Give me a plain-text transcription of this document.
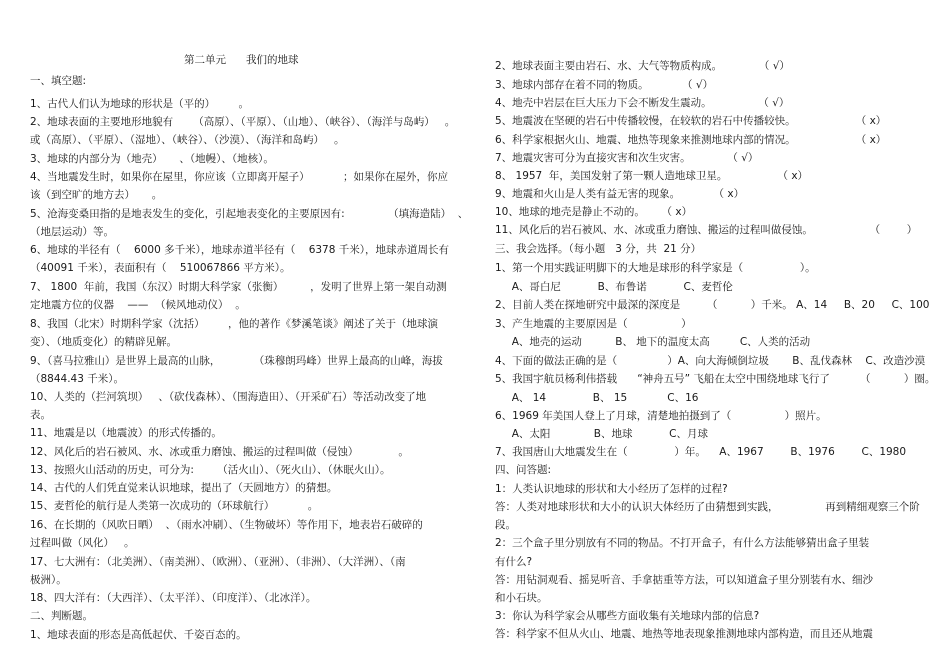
第二单元      我们的地球
一、填空题:
1、古代人们认为地球的形状是（平的）       。
2、地球表面的主要地形地貌有      （高原）、（平原）、（山地）、（峡谷）、（海洋与岛屿）   。
或（高原）、（平原）、（湿地）、（峡谷）、（沙漠）、（海洋和岛屿）   。
3、地球的内部分为（地壳）     、（地幔）、（地核）。
4、当地震发生时，如果你在屋里，你应该（立即离开屋子）          ；如果你在屋外，你应
该（到空旷的地方去）     。
5、沧海变桑田指的是地表发生的变化，引起地表变化的主要原因有:             （填海造陆）  、
（地层运动）等。
6、地球的半径有（    6000 多千米），地球赤道半径有（    6378 千米），地球赤道周长有
（40091 千米），表面积有（    510067866 平方米）。
7、 1800  年前，我国（东汉）时期大科学家（张衡）        ，发明了世界上第一架自动测
定地震方位的仪器    ——  （候风地动仪）  。
8、我国（北宋）时期科学家（沈括）       ，他的著作《梦溪笔谈》阐述了关于（地球演
变）、（地质变化）的精辟见解。
9、（喜马拉雅山）是世界上最高的山脉，          （珠穆朗玛峰）世界上最高的山峰，海拔
（8844.43 千米）。
10、人类的（拦河筑坝）   、（砍伐森林）、（围海造田）、（开采矿石）等活动改变了地
表。
11、地震是以（地震波）的形式传播的。
12、风化后的岩石被风、水、冰或重力磨蚀、搬运的过程叫做（侵蚀）            。
13、按照火山活动的历史，可分为:       （活火山）、（死火山）、（休眠火山）。
14、古代的人们凭直觉来认识地球，提出了（天圆地方）的猜想。
15、麦哲伦的航行是人类第一次成功的（环球航行）          。
16、在长期的（风吹日晒）  、（雨水冲刷）、（生物破坏）等作用下，地表岩石破碎的
过程叫做（风化）   。
17、七大洲有：（北美洲）、（南美洲）、（欧洲）、（亚洲）、（非洲）、（大洋洲）、（南
极洲）。
18、四大洋有：（大西洋）、（太平洋）、（印度洋）、（北冰洋）。
二、判断题。
1、地球表面的形态是高低起伏、千姿百态的。
2、地球表面主要由岩石、水、大气等物质构成。           （ √）
3、地球内部存在着不同的物质。          （ √）
4、地壳中岩层在巨大压力下会不断发生震动。              （ √）
5、地震波在坚硬的岩石中传播较慢，在较软的岩石中传播较快。                  （ x）
6、科学家根据火山、地震、地热等现象来推测地球内部的情况。                  （ x）
7、地震灾害可分为直接灾害和次生灾害。           （ √）
8、 1957  年，美国发射了第一颗人造地球卫星。               （ x）
9、地震和火山是人类有益无害的现象。          （ x）
10、地球的地壳是静止不动的。     （ x）
11、风化后的岩石被风、水、冰或重力磨蚀、搬运的过程叫做侵蚀。                 （        ）
三、我会选择。（每小题   3 分，共  21 分）
1、第一个用实践证明脚下的大地是球形的科学家是（                 ）。
A、哥白尼           B、布鲁诺           C、麦哲伦
2、目前人类在探地研究中最深的深度是        （          ）千米。 A、14     B、20     C、100
3、产生地震的主要原因是（                ）
A、地壳的运动          B、 地下的温度太高         C、人类的活动
4、下面的做法正确的是（               ）A、向大海倾倒垃圾       B、乱伐森林    C、改造沙漠
5、我国宇航员杨利伟搭载      “神舟五号” 飞船在太空中围绕地球飞行了         （          ）圈。
A、 14              B、 15            C、16
6、1969 年美国人登上了月球，清楚地拍摄到了（                ）照片。
A、太阳             B、地球           C、月球
7、我国唐山大地震发生在（              ）年。    A、1967        B、1976        C、1980
四、问答题:
1：人类认识地球的形状和大小经历了怎样的过程?
答：人类对地球形状和大小的认识大体经历了由猜想到实践，              再到精细观察三个阶
段。
2：三个盒子里分别放有不同的物品。不打开盒子，有什么方法能够猜出盒子里装
有什么?
答：用钻洞观看、摇晃听音、手拿掂重等方法，可以知道盒子里分别装有水、细沙
和小石块。
3：你认为科学家会从哪些方面收集有关地球内部的信息?
答：科学家不但从火山、地震、地热等地表现象推测地球内部构造，而且还从地震
